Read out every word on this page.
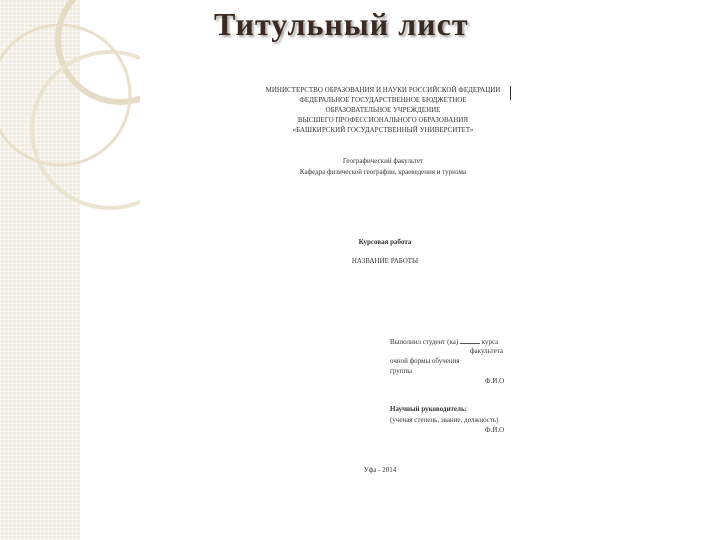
Титульный лист

МИНИСТЕРСТВО ОБРАЗОВАНИЯ И НАУКИ РОССИЙСКОЙ ФЕДЕРАЦИИ

ФЕДЕРАЛЬНОЕ ГОСУДАРСТВЕННОЕ БЮДЖЕТНОЕ

ОБРАЗОВАТЕЛЬНОЕ УЧРЕЖДЕНИЕ

ВЫСШЕГО ПРОФЕССИОНАЛЬНОГО ОБРАЗОВАНИЯ

«БАШКИРСКИЙ ГОСУДАРСТВЕННЫЙ УНИВЕРСИТЕТ»

Географический факультет

Кафедра физической географии, краеведения и туризма

Курсовая работа

НАЗВАНИЕ РАБОТЫ

Выполнил студент (ка)	курса

факультета

очной формы обучения

группы

Ф.И.О

Научный руководитель:

(ученая степень, звание, должность)

Ф.И.О

Уфа - 2014
